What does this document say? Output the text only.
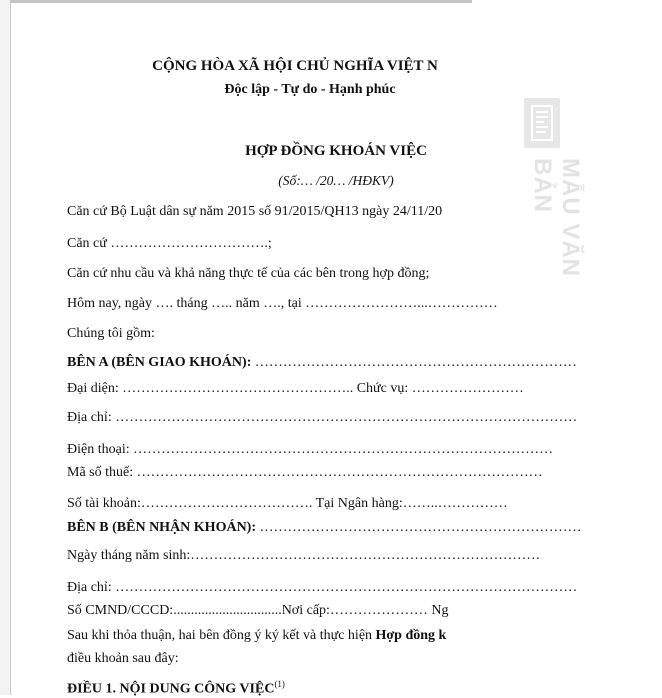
CỘNG HÒA XÃ HỘI CHỦ NGHĨA VIỆT N
Độc lập - Tự do - Hạnh phúc
HỢP ĐỒNG KHOÁN VIỆC
(Số:… /20… /HĐKV)
Căn cứ Bộ Luật dân sự năm 2015 số 91/2015/QH13 ngày 24/11/20
Căn cứ …………………………….;
Căn cứ nhu cầu và khả năng thực tế của các bên trong hợp đồng;
Hôm nay, ngày …. tháng ….. năm …., tại ……………………...……………
Chúng tôi gồm:
BÊN A (BÊN GIAO KHOÁN): ……………………………………………………………
Đại diện: ………………………………………….. Chức vụ: ……………………
Địa chỉ: ………………………………………………………………………………………
Điện thoại: ………………………………………………………………………………
Mã số thuế: ……………………………………………………………………………
Số tài khoản:………………………………. Tại Ngân hàng:……..……………
BÊN B (BÊN NHẬN KHOÁN): ……………………………………………………………
Ngày tháng năm sinh:…………………………………………………………………
Địa chỉ: ………………………………………………………………………………………
Số CMND/CCCD:...............................Nơi cấp:………………… Ng
Sau khi thỏa thuận, hai bên đồng ý ký kết và thực hiện Hợp đồng k
điều khoản sau đây:
ĐIỀU 1. NỘI DUNG CÔNG VIỆC$^{(1)}$
MẪU VĂN BẢN
